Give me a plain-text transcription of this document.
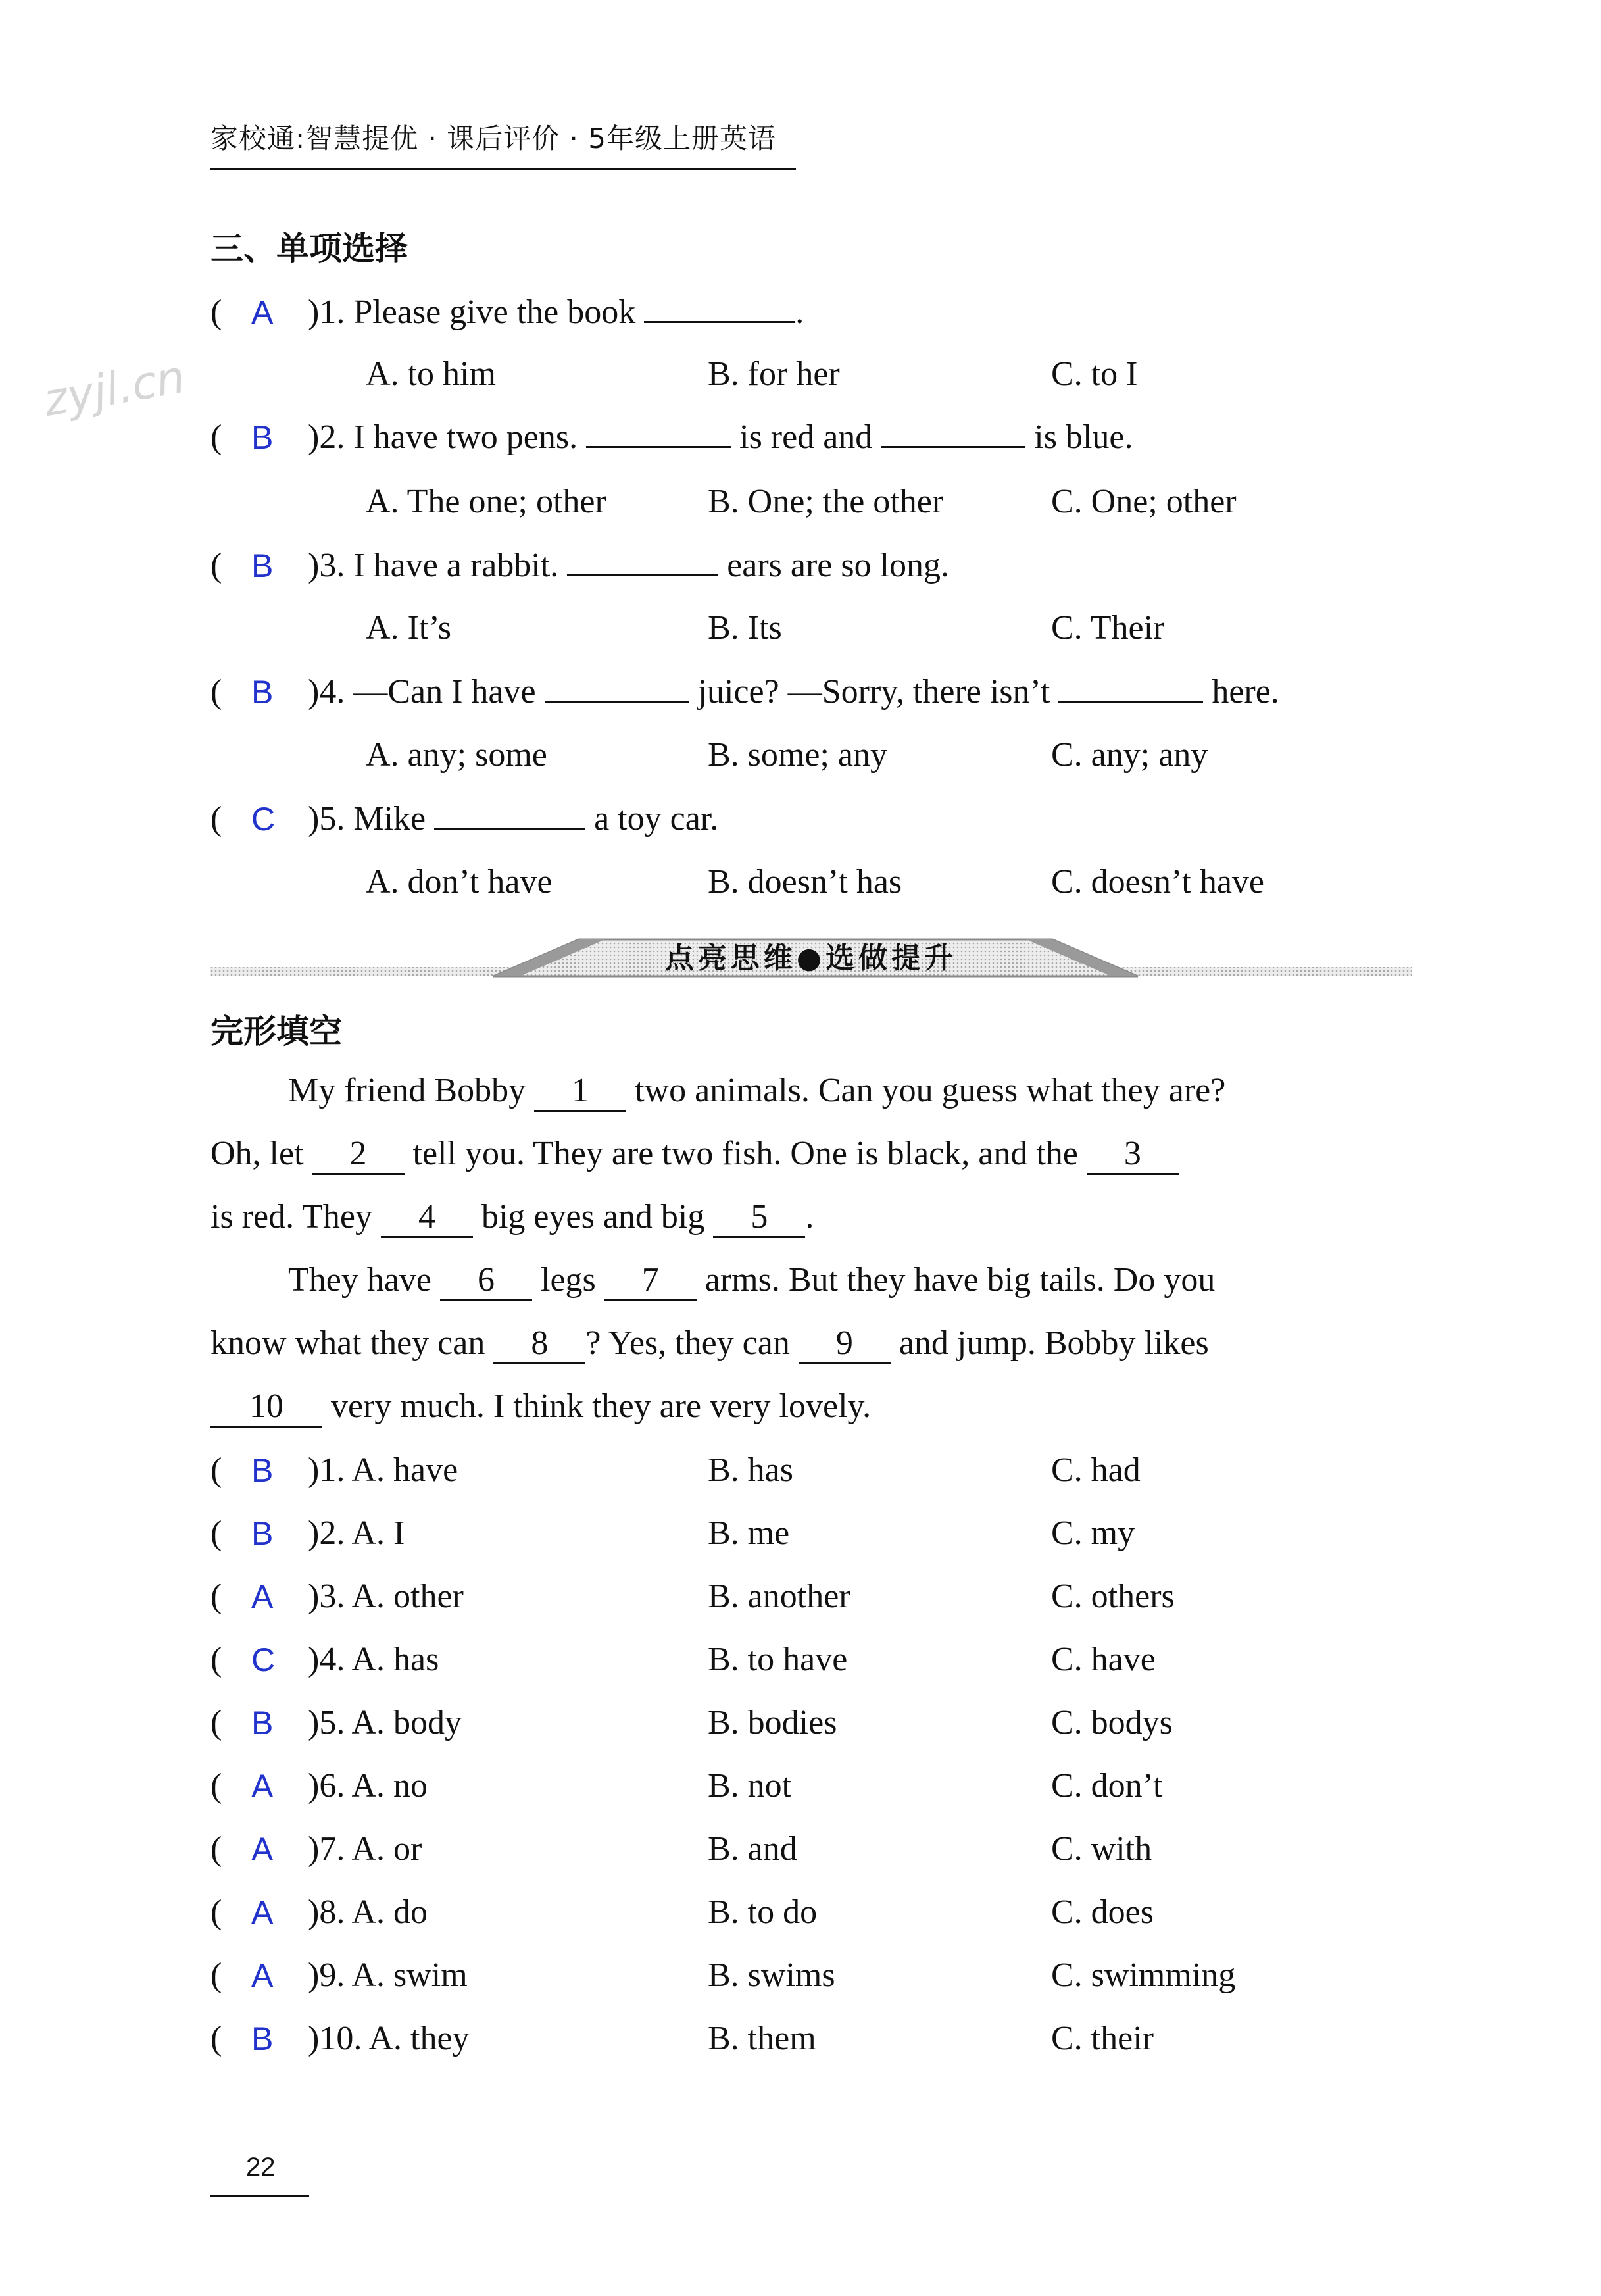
家校通:智慧提优 · 课后评价 · 5年级上册英语
zyjl.cn
三、单项选择
( A )1. Please give the book	.
A. to him	B. for her	C. to I
( B )2. I have two pens.	is red and	is blue.
A. The one; other	B. One; the other	C. One; other
( B )3. I have a rabbit.	ears are so long.
A. It’s	B. Its	C. Their
( B )4. —Can I have	juice? —Sorry, there isn’t	here.
A. any; some	B. some; any	C. any; any
( C )5. Mike	a toy car.
A. don’t have	B. doesn’t has	C. doesn’t have
点亮思维●选做提升
完形填空
My friend Bobby 1 two animals. Can you guess what they are?
Oh, let 2 tell you. They are two fish. One is black, and the 3
is red. They 4 big eyes and big 5 .
They have 6 legs 7 arms. But they have big tails. Do you
know what they can 8 ? Yes, they can 9 and jump. Bobby likes
10 very much. I think they are very lovely.
( B )1. A. have	B. has	C. had
( B )2. A. I	B. me	C. my
( A )3. A. other	B. another	C. others
( C )4. A. has	B. to have	C. have
( B )5. A. body	B. bodies	C. bodys
( A )6. A. no	B. not	C. don’t
( A )7. A. or	B. and	C. with
( A )8. A. do	B. to do	C. does
( A )9. A. swim	B. swims	C. swimming
( B )10. A. they	B. them	C. their
22
